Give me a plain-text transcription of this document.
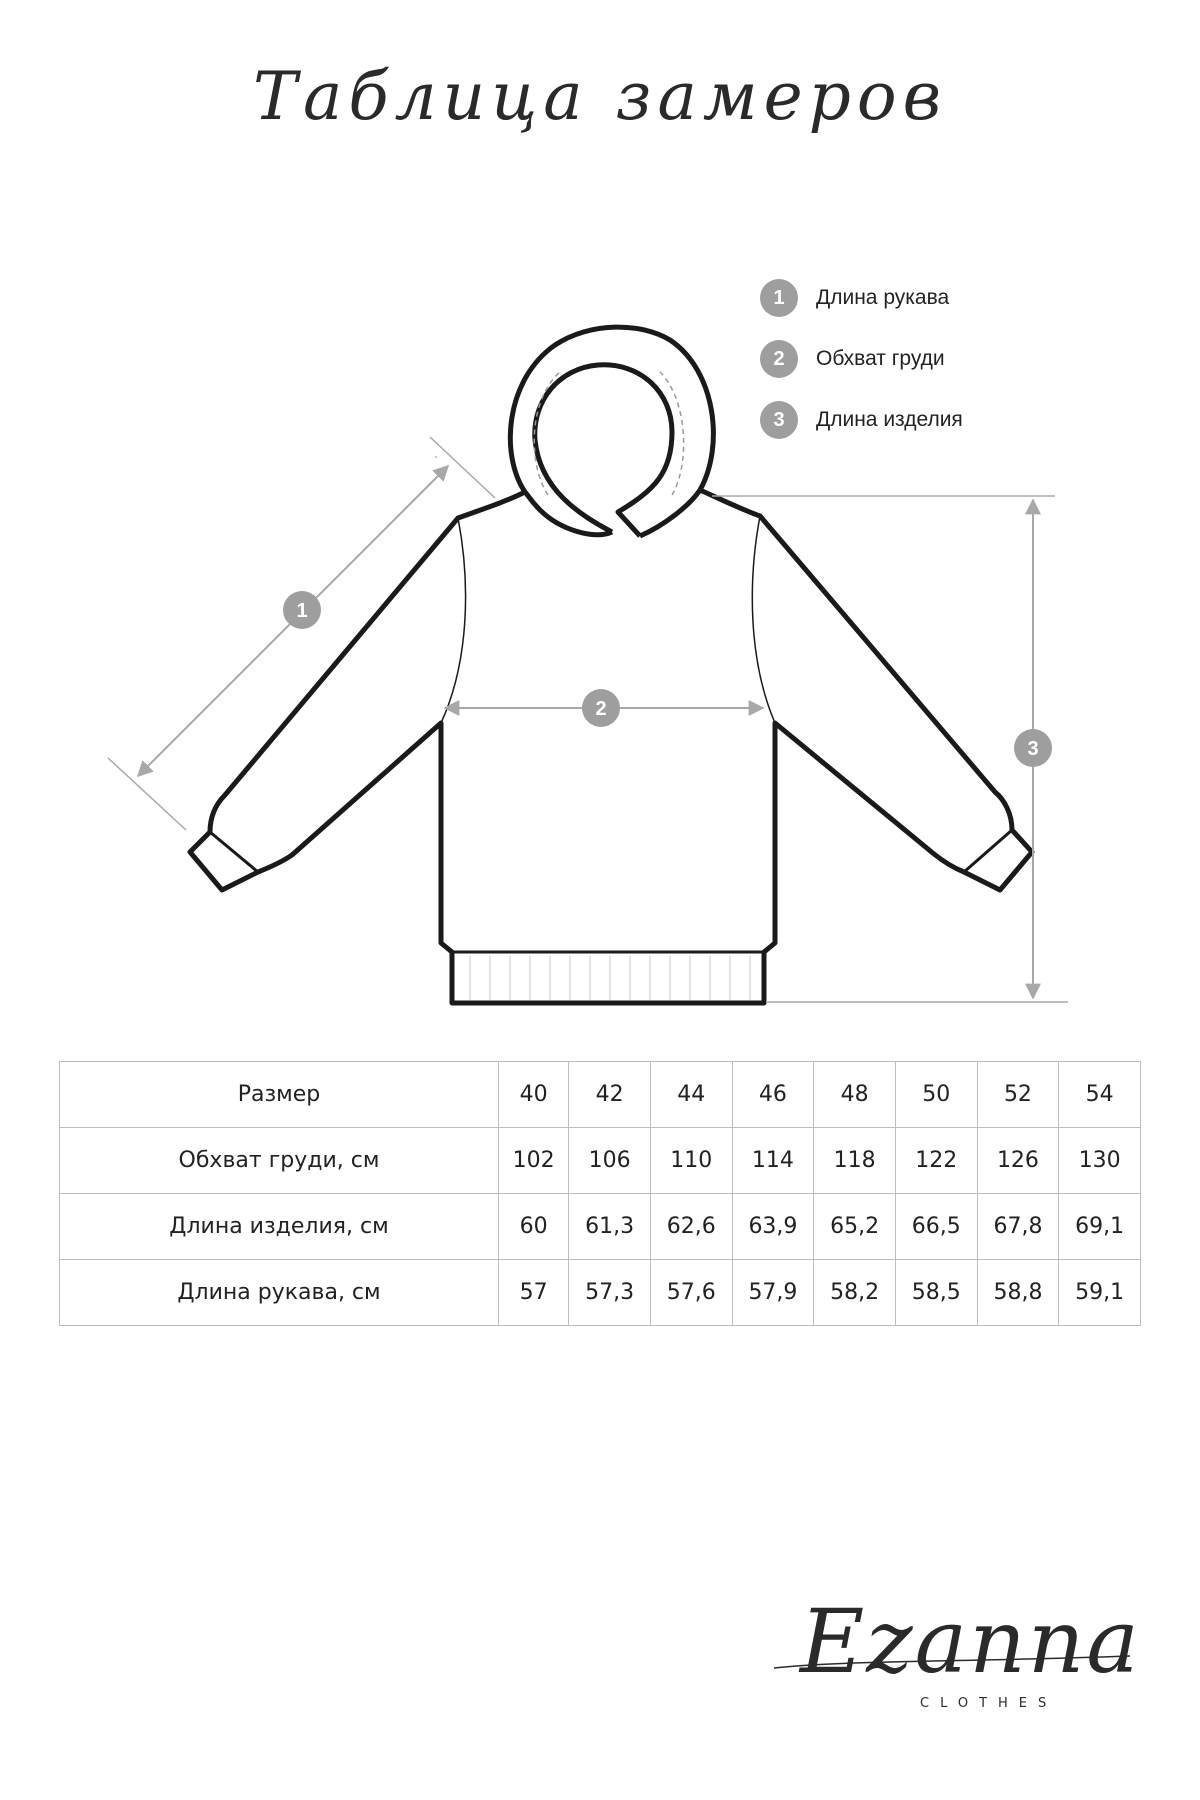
Таблица замеров
1
2
3
1	Длина рукава
2	Обхват груди
3	Длина изделия
Размер	40	42	44	46	48	50	52	54
Обхват груди, см	102	106	110	114	118	122	126	130
Длина изделия, см	60	61,3	62,6	63,9	65,2	66,5	67,8	69,1
Длина рукава, см	57	57,3	57,6	57,9	58,2	58,5	58,8	59,1
Ezanna
CLOTHES
